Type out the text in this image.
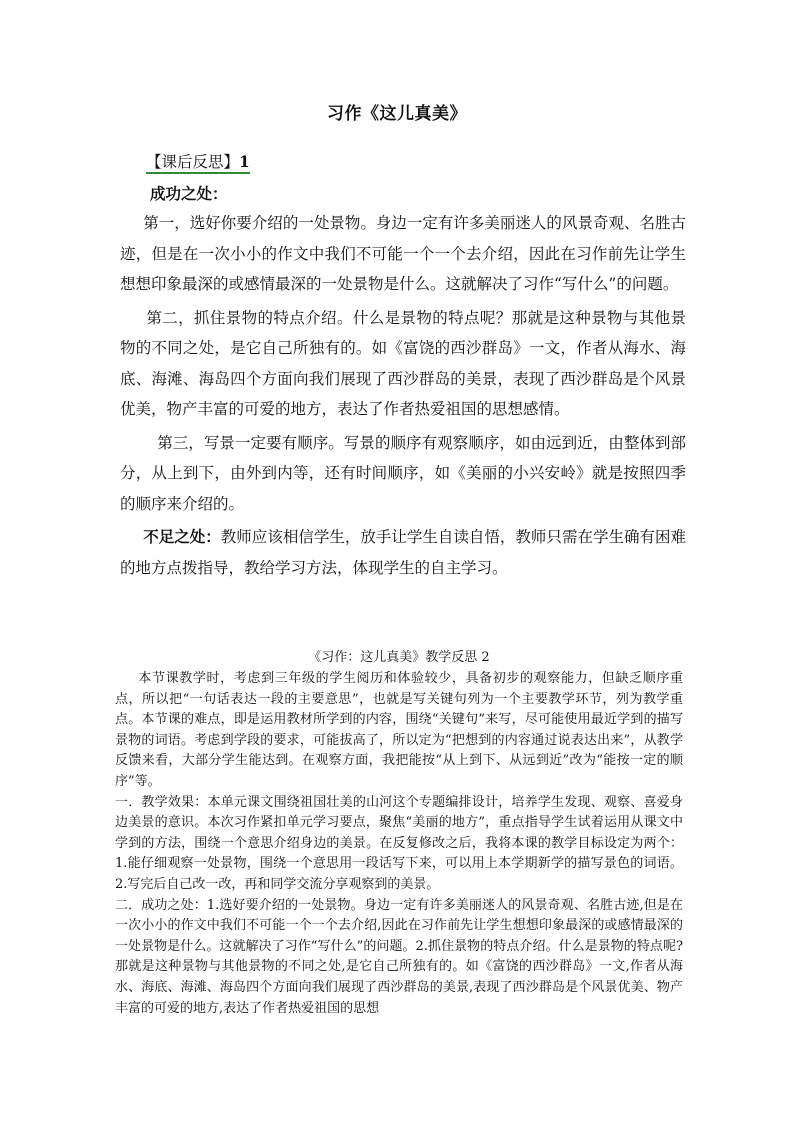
习作《这儿真美》
【课后反思】1
成功之处：

第一，选好你要介绍的一处景物。身边一定有许多美丽迷人的风景奇观、名胜古迹，但是在一次小小的作文中我们不可能一个一个去介绍，因此在习作前先让学生想想印象最深的或感情最深的一处景物是什么。这就解决了习作“写什么”的问题。

第二，抓住景物的特点介绍。什么是景物的特点呢？那就是这种景物与其他景物的不同之处，是它自己所独有的。如《富饶的西沙群岛》一文，作者从海水、海底、海滩、海岛四个方面向我们展现了西沙群岛的美景，表现了西沙群岛是个风景优美，物产丰富的可爱的地方，表达了作者热爱祖国的思想感情。

第三，写景一定要有顺序。写景的顺序有观察顺序，如由远到近，由整体到部分，从上到下，由外到内等，还有时间顺序，如《美丽的小兴安岭》就是按照四季的顺序来介绍的。

不足之处：教师应该相信学生，放手让学生自读自悟，教师只需在学生确有困难的地方点拨指导，教给学习方法，体现学生的自主学习。

《习作：这儿真美》教学反思 2

本节课教学时，考虑到三年级的学生阅历和体验较少，具备初步的观察能力，但缺乏顺序重点，所以把“一句话表达一段的主要意思”，也就是写关键句列为一个主要教学环节，列为教学重点。本节课的难点，即是运用教材所学到的内容，围绕“关键句”来写，尽可能使用最近学到的描写景物的词语。考虑到学段的要求，可能拔高了，所以定为“把想到的内容通过说表达出来”，从教学反馈来看，大部分学生能达到。在观察方面，我把能按“从上到下、从远到近”改为“能按一定的顺序”等。

一．教学效果：本单元课文围绕祖国壮美的山河这个专题编排设计，培养学生发现、观察、喜爱身边美景的意识。本次习作紧扣单元学习要点，聚焦“美丽的地方”，重点指导学生试着运用从课文中学到的方法，围绕一个意思介绍身边的美景。在反复修改之后，我将本课的教学目标设定为两个：1.能仔细观察一处景物，围绕一个意思用一段话写下来，可以用上本学期新学的描写景色的词语。2.写完后自己改一改，再和同学交流分享观察到的美景。

二．成功之处：1.选好要介绍的一处景物。身边一定有许多美丽迷人的风景奇观、名胜古迹,但是在一次小小的作文中我们不可能一个一个去介绍,因此在习作前先让学生想想印象最深的或感情最深的一处景物是什么。这就解决了习作“写什么”的问题。2.抓住景物的特点介绍。什么是景物的特点呢?那就是这种景物与其他景物的不同之处,是它自己所独有的。如《富饶的西沙群岛》一文,作者从海水、海底、海滩、海岛四个方面向我们展现了西沙群岛的美景,表现了西沙群岛是个风景优美、物产丰富的可爱的地方,表达了作者热爱祖国的思想
